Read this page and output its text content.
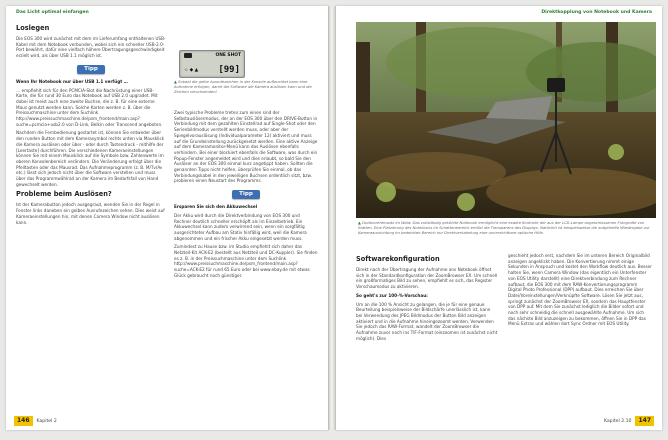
Das Licht optimal einfangen
Loslegen

Die EOS 300 wird zunächst mit dem im Lieferumfang enthaltenen USB-Kabel mit dem Notebook verbunden, wobei sich ein schneller USB-2.0-Port bewährt, dafür eine vielfach höhere Übertragungsgeschwindigkeit erzielt wird, als über USB 1.1 möglich ist.

Tipp

Wenn Ihr Notebook nur über USB 1.1 verfügt …

… empfiehlt sich für den PCMCIA-Slot die Nachrüstung einer USB-Karte, die für rund 30 Euro das Notebook auf USB 2.0 upgradet. Mit dabei ist meist auch eine zweite Buchse, die z. B. für eine externe Maus genutzt werden kann. Solche Karten werden z. B. über die Preissuchmaschine unter dem Suchlink http://www.preissuchmaschine.de/psm_frontend/main.asp?suche=pcmcia+usb2.0 von D-Link, Belkin oder Transcend angeboten.

Nachdem die Fernbedienung gestartet ist, können Sie entweder über den runden Button mit dem Kamerasymbol rechts unten via Mausklick die Kamera auslösen oder über - oder durch Tastendruck - mithilfe der [Leertaste] durchführen. Die verschiedenen Kameraeinstellungen können Sie mit einem Mausklick auf die Symbole bzw. Zahlenwerte im oberen Konsolenbereich verändern. Die Veränderung erfolgt über die Pfeiltasten oder das Mausrad. Das Aufnahmeprogramm (z. B. M/Tv/Av etc.) lässt sich jedoch nicht über die Software verstellen und muss über das Programmwählrad an der Kamera im Bedarfsfall von Hand gewechselt werden.

Probleme beim Auslösen?

Ist der Kamerabutton jedoch ausgegraut, wenden Sie in der Regel in Fenster links daneben ein gelbes Ausrufezeichen sehen. Dies weist auf Kameraeinstellungen hin, mit denen Camera Window nicht auslösen kann.

ONE SHOT
☆ ◆ ▲ [99]
▲ Sobald die gelbe Ausrufezeichen in der Konsole aufleuchtet kann eine Aufnahme erfolgen, damit die Software die Kamera auslösen kann und die Zeichen verschwinden!

Zwei typische Probleme treten zum einen sind der Selbstauslösermodus, der an der EOS 300 über den DRIVE-Button in Verbindung mit dem gezahlten Einstellrad auf Single-Shot oder den Serienbildmodus verstellt werden muss, oder aber der Spiegelvorauslösung (Individualparameter 12) aktiviert und muss auf die Grundeinstellung zurückgesetzt werden. Eine aktive Anzeige auf dem Kameramonitor-Menü kann das Auslösen ebenfalls verhindern. Bei einer blockiert ebenfalls die Software, was durch ein Popup-Fenster angemeldet wird und dies erlaubt, so bald Sie den Auslöser an der EOS 300 einmal kurz angetippt haben. Sollten die genannten Tipps nicht helfen, überprüfen Sie einmal, ob das Verbindungskabel in den jeweiligen Buchsen ordentlich sitzt, bzw. probieren einen Neustart des Programms.

Tipp

Ersparen Sie sich den Akkuwechsel

Der Akku wird durch die Direktverbindung von EOS 300 und Rechner deutlich schneller erschöpft als im Einzelbetrieb. Ein Akkuwechsel kann zudem verwirrend sein, wenn ein sorgfältig ausgerichteter Aufbau am Stativ hinfällig wird, weil die Kamera abgenommen und ein frischer Akku eingesetzt werden muss.

Zumindest zu Hause bzw. im Studio empfiehlt sich daher das Netzteil-Kit ACK-E2 (bestellt aus Netzteil und DC-Kuppler). Sie finden es z. B. in der Preissuchmaschine unter dem Suchlink http://www.preissuchmaschine.de/psm_frontend/main.asp?suche=ACK-E2 für rund 65 Euro oder bei www.ebay.de mit etwas Glück gebraucht noch günstiger.

146	Kapitel 2
Direktkopplung von Notebook und Kamera
▲ Outdoorereinsatz im Wald: Das vollständig gekühlte Notebook ermöglicht eine exakte Kontrolle der aus der LCD-Lampe angeschlossenen Fotografie von Statten. Eine Platzierung des Notebooks im Schattenbereich erhöht die Transparenz des Displays. Natürlich ist beispielsweise die aufgehellte Wiedergabe zur Kameraausrichtung im bedeckten Bereich nur Direktverkabelung eine unverzichtbare optische Hilfe.
Softwarekonfiguration

Direkt nach der Übertragung der Aufnahme ans Notebook öffnet sich in der Standardkonfiguration der ZoomBrowser EX. Um schnell ein großformatiges Bild zu sehen, empfiehlt es sich, das Register Vorschaumodus zu aktivieren.

So geht's zur 100-%-Vorschau:

Um an die 100 % Ansicht zu gelangen, die je für eine genaue Beurteilung beispielsweise der Bildschärfe unerlässlich ist, kann bei Verwendung des JPEG Bildmodus der Button Bild anzeigen aktiviert und in die Aufnahme hineingezoomt werden. Verwenden Sie jedoch das RAW-Format, wandelt der ZoomBrowser die Aufnahme zuvor noch ins TIF-Format (einzoomen ist zunächst nicht möglich). Dies

geschieht jedoch erst, nachdem Sie im unteren Bereich Originalbild anzeigen angeklickt haben. Die Konvertierung nimmt einige Sekunden in Anspruch und kostet den Workflow deutlich aus. Besser halten Sie, wenn Camera Window (das eigentlich ein Unterfenster von EOS Utility darstellt) eine Direktverbindung zum Rechner aufbaut, die EOS 300 mit dem RAW-Konvertierungsprogramm Digital Photo Professional (DPP) aufbaut. Dies erreichen Sie über Datei/Voreinstellungen/Verknüpfte Software. Lösen Sie jetzt aus, springt zunächst der ZoomBrowser EX, sondern das Hauptfenster von DPP auf. Mit dem Sie zunächst lediglich die Bilder sofort und noch sehr schneidig die schnell ausgewählte Aufnahme. Um sich das nächste Bild anzuzeigen zu bekommen, öffnen Sie in DPP das Menü Extras und wählen dort Sync Ordner mit EOS Utility.

Kapitel 2.10	147
